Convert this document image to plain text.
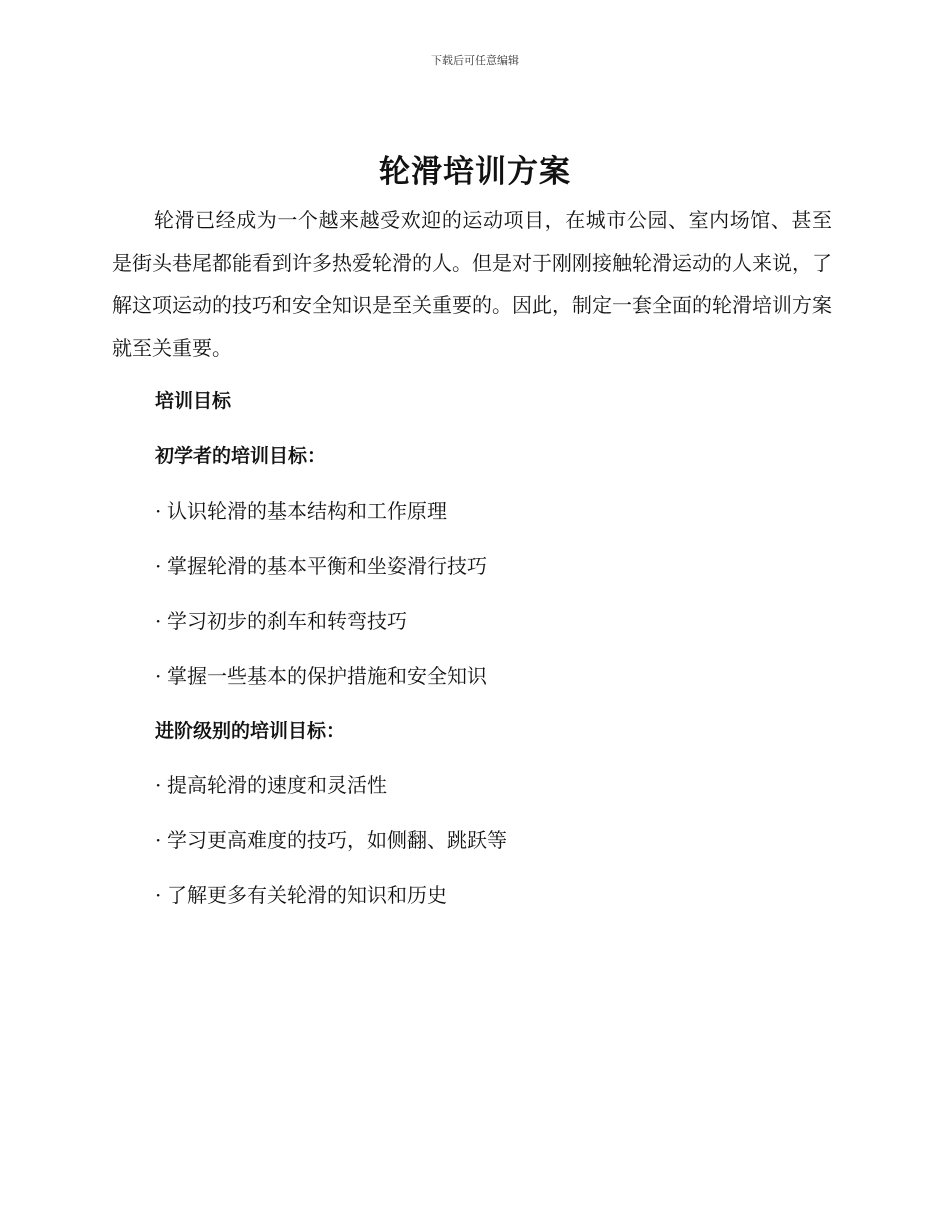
下载后可任意编辑
轮滑培训方案

轮滑已经成为一个越来越受欢迎的运动项目，在城市公园、室内场馆、甚至是街头巷尾都能看到许多热爱轮滑的人。但是对于刚刚接触轮滑运动的人来说，了解这项运动的技巧和安全知识是至关重要的。因此，制定一套全面的轮滑培训方案就至关重要。

培训目标
初学者的培训目标：
· 认识轮滑的基本结构和工作原理
· 掌握轮滑的基本平衡和坐姿滑行技巧
· 学习初步的刹车和转弯技巧
· 掌握一些基本的保护措施和安全知识
进阶级别的培训目标：
· 提高轮滑的速度和灵活性
· 学习更高难度的技巧，如侧翻、跳跃等
· 了解更多有关轮滑的知识和历史
